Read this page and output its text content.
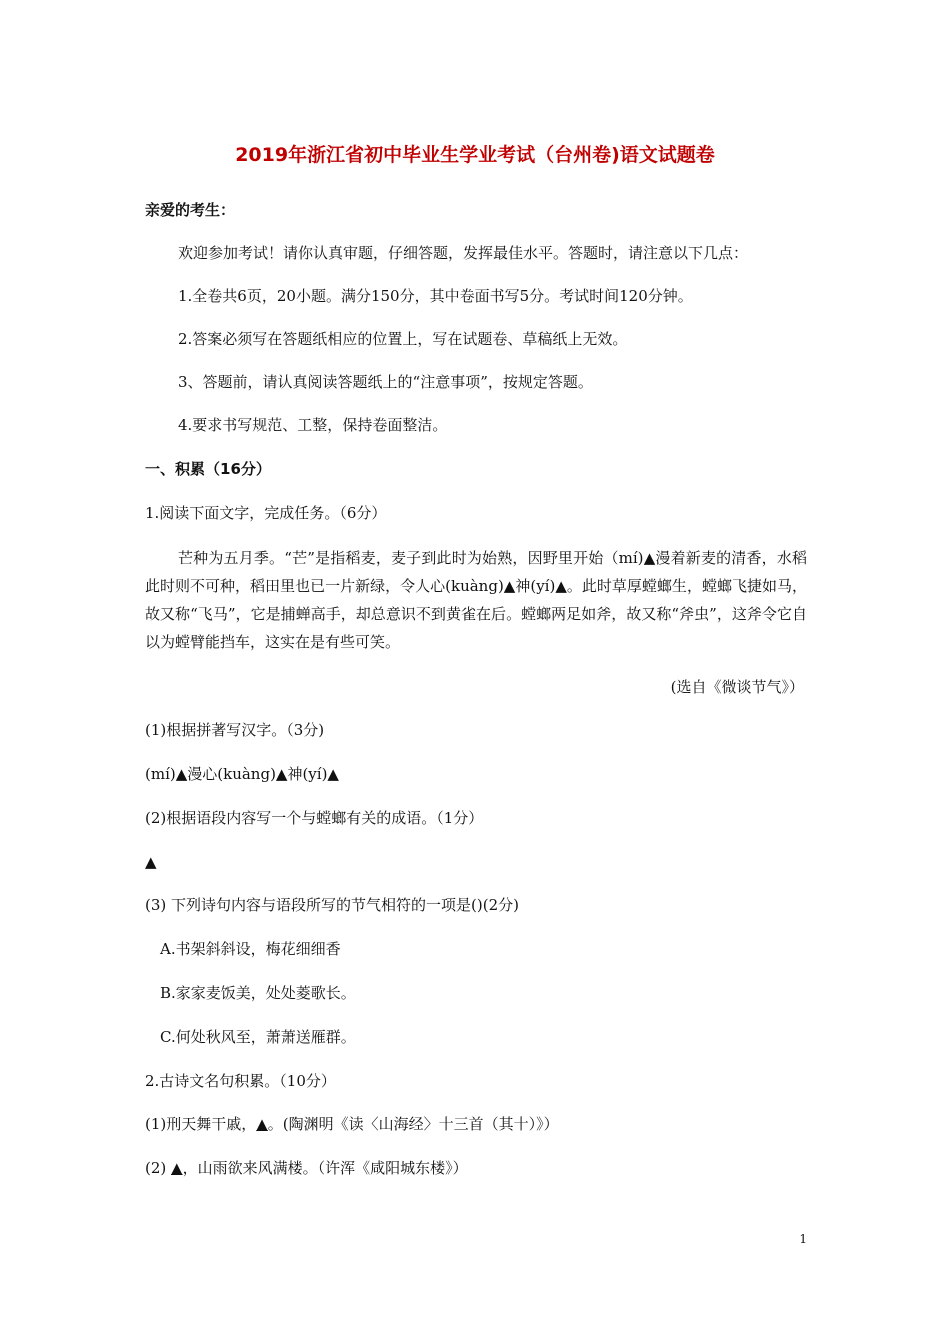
2019年浙江省初中毕业生学业考试（台州卷)语文试题卷
亲爱的考生：
欢迎参加考试！请你认真审题，仔细答题，发挥最佳水平。答题时，请注意以下几点：
1.全卷共6页，20小题。满分150分，其中卷面书写5分。考试时间120分钟。
2.答案必须写在答题纸相应的位置上，写在试题卷、草稿纸上无效。
3、答题前，请认真阅读答题纸上的“注意事项”，按规定答题。
4.要求书写规范、工整，保持卷面整洁。
一、积累（16分）
1.阅读下面文字，完成任务。（6分）
芒种为五月季。“芒”是指稻麦，麦子到此时为始熟，因野里开始（mí)▲漫着新麦的清香，水稻此时则不可种，稻田里也已一片新绿，令人心(kuàng)▲神(yí)▲。此时草厚螳螂生，螳螂飞捷如马，故又称“飞马”，它是捕蝉高手，却总意识不到黄雀在后。螳螂两足如斧，故又称“斧虫”，这斧令它自以为螳臂能挡车，这实在是有些可笑。
(选自《微谈节气》）
(1)根据拼著写汉字。（3分)
(mí)▲漫心(kuàng)▲神(yí)▲
(2)根据语段内容写一个与螳螂有关的成语。（1分）
▲
(3) 下列诗句内容与语段所写的节气相符的一项是()(2分)
A.书架斜斜设，梅花细细香
B.家家麦饭美，处处菱歌长。
C.何处秋风至，萧萧送雁群。
2.古诗文名句积累。（10分）
(1)刑天舞干戚，▲。(陶渊明《读〈山海经〉十三首（其十）》）
(2) ▲，山雨欲来风满楼。（许浑《咸阳城东楼》）
1
